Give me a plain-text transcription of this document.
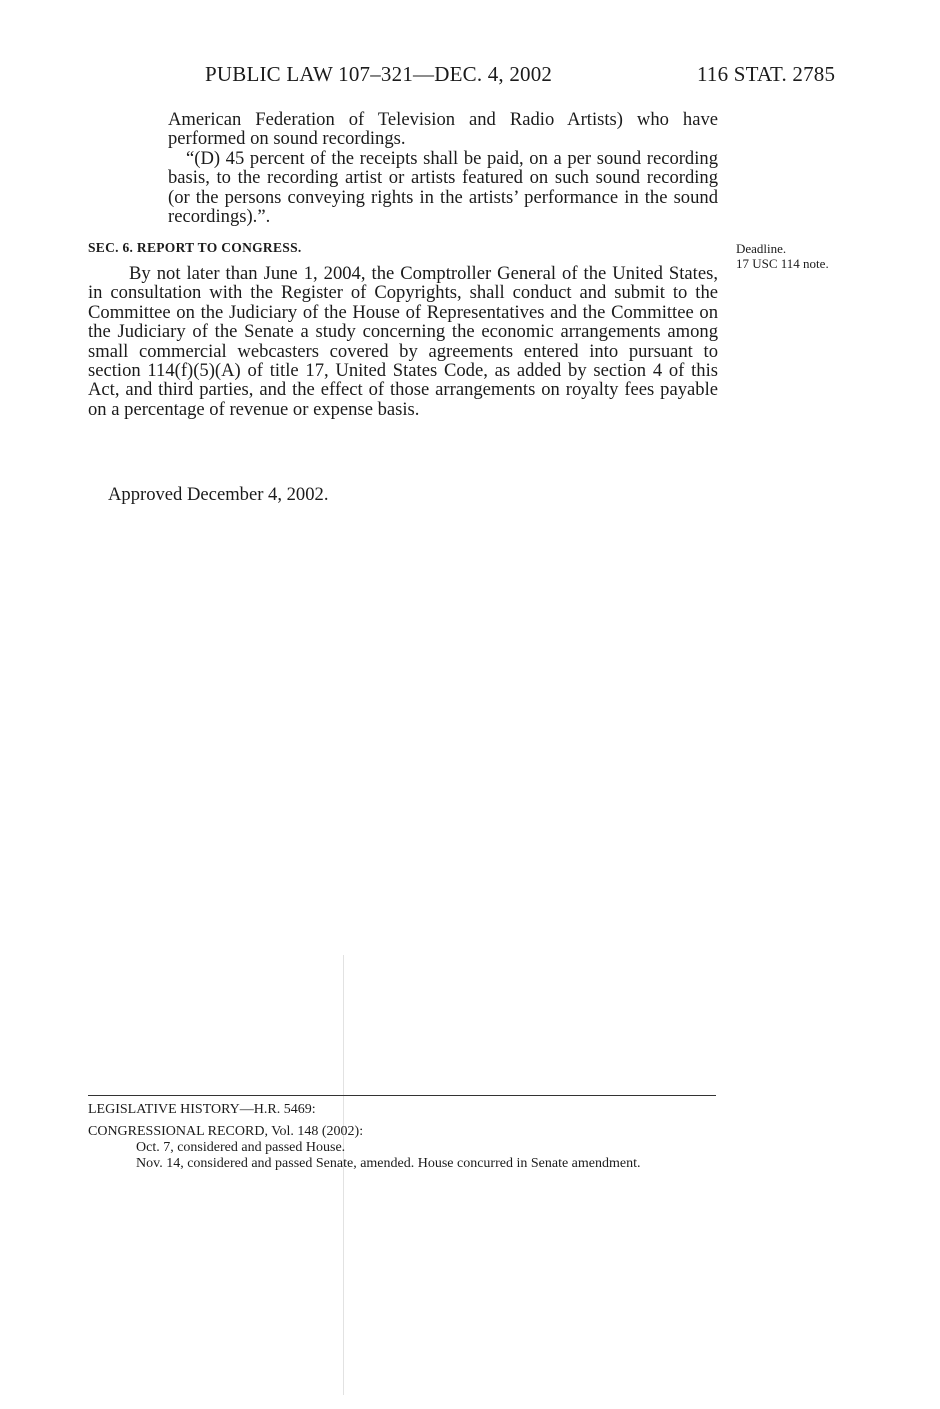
PUBLIC LAW 107–321—DEC. 4, 2002	116 STAT. 2785

American Federation of Television and Radio Artists) who have performed on sound recordings.

“(D) 45 percent of the receipts shall be paid, on a per sound recording basis, to the recording artist or artists featured on such sound recording (or the persons conveying rights in the artists’ performance in the sound recordings).”.

SEC. 6. REPORT TO CONGRESS.	Deadline.
17 USC 114 note.

By not later than June 1, 2004, the Comptroller General of the United States, in consultation with the Register of Copyrights, shall conduct and submit to the Committee on the Judiciary of the House of Representatives and the Committee on the Judiciary of the Senate a study concerning the economic arrangements among small commercial webcasters covered by agreements entered into pursuant to section 114(f)(5)(A) of title 17, United States Code, as added by section 4 of this Act, and third parties, and the effect of those arrangements on royalty fees payable on a percentage of revenue or expense basis.

Approved December 4, 2002.
LEGISLATIVE HISTORY—H.R. 5469:
CONGRESSIONAL RECORD, Vol. 148 (2002):
Oct. 7, considered and passed House.
Nov. 14, considered and passed Senate, amended. House concurred in Senate amendment.
